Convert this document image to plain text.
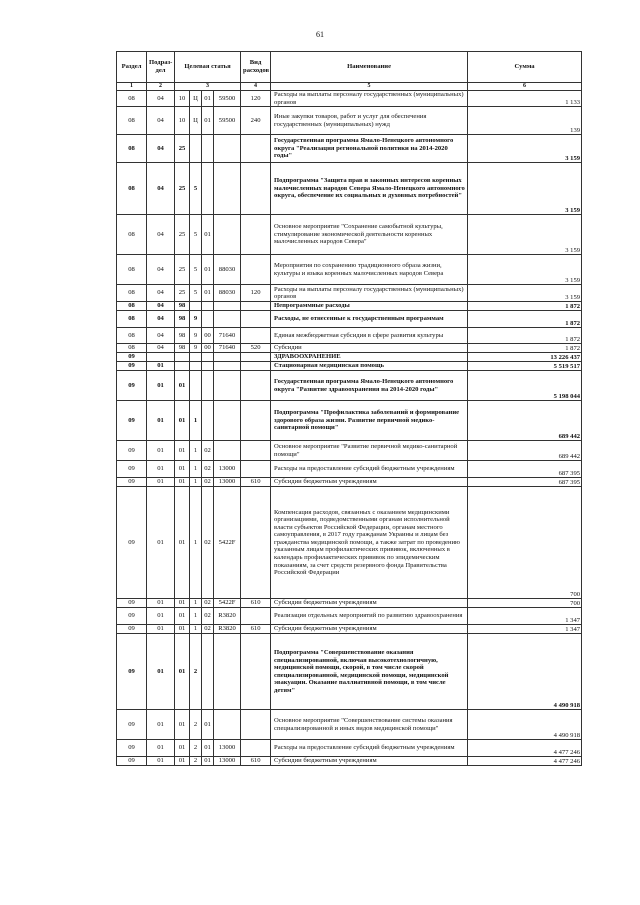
61
Раздел	Подраз-дел	Целевая статья				Вид расходов	Наименование	Сумма
1	2	3				4	5	6
08	04	10	Ц	01	59500	120	Расходы на выплаты персоналу государственных (муниципальных) органов	1 133
08	04	10	Ц	01	59500	240	Иные закупки товаров, работ и услуг для обеспечения государственных (муниципальных) нужд	139
08	04	25					Государственная программа Ямало-Ненецкого автономного округа "Реализация региональной политики на 2014-2020 годы"	3 159
08	04	25	5				Подпрограмма "Защита прав и законных интересов коренных малочисленных народов Севера Ямало-Ненецкого автономного округа, обеспечение их социальных и духовных потребностей"	3 159
08	04	25	5	01			Основное мероприятие "Сохранение самобытной культуры, стимулирование экономической деятельности коренных малочисленных народов Севера"	3 159
08	04	25	5	01	88030		Мероприятия по сохранению традиционного образа жизни, культуры и языка коренных малочисленных народов Севера	3 159
08	04	25	5	01	88030	120	Расходы на выплаты персоналу государственных (муниципальных) органов	3 159
08	04	98					Непрограммные расходы	1 872
08	04	98	9				Расходы, не отнесенные к государственным программам	1 872
08	04	98	9	00	71640		Единая межбюджетная субсидия в сфере развития культуры	1 872
08	04	98	9	00	71640	520	Субсидии	1 872
09							ЗДРАВООХРАНЕНИЕ	13 226 437
09	01						Стационарная медицинская помощь	5 519 517
09	01	01					Государственная программа Ямало-Ненецкого автономного округа "Развитие здравоохранения на 2014-2020 годы"	5 198 044
09	01	01	1				Подпрограмма "Профилактика заболеваний и формирование здорового образа жизни. Развитие первичной медико-санитарной помощи"	689 442
09	01	01	1	02			Основное мероприятие "Развитие первичной медико-санитарной помощи"	689 442
09	01	01	1	02	13000		Расходы на предоставление субсидий бюджетным учреждениям	687 395
09	01	01	1	02	13000	610	Субсидии бюджетным учреждениям	687 395
09	01	01	1	02	5422F		Компенсация расходов, связанных с оказанием медицинскими организациями, подведомственными органам исполнительной власти субъектов Российской Федерации, органам местного самоуправления, в 2017 году гражданам Украины и лицам без гражданства медицинской помощи, а также затрат по проведению указанным лицам профилактических прививок, включенных в календарь профилактических прививок по эпидемическим показаниям, за счет средств резервного фонда Правительства Российской Федерации	700
09	01	01	1	02	5422F	610	Субсидии бюджетным учреждениям	700
09	01	01	1	02	R3820		Реализация отдельных мероприятий по развитию здравоохранения	1 347
09	01	01	1	02	R3820	610	Субсидии бюджетным учреждениям	1 347
09	01	01	2				Подпрограмма "Совершенствование оказания специализированной, включая высокотехнологичную, медицинской помощи, скорой, в том числе скорой специализированной, медицинской помощи, медицинской эвакуации. Оказание паллиативной помощи, в том числе детям"	4 490 918
09	01	01	2	01			Основное мероприятие "Совершенствование системы оказания специализированной и иных видов медицинской помощи"	4 490 918
09	01	01	2	01	13000		Расходы на предоставление субсидий бюджетным учреждениям	4 477 246
09	01	01	2	01	13000	610	Субсидии бюджетным учреждениям	4 477 246
